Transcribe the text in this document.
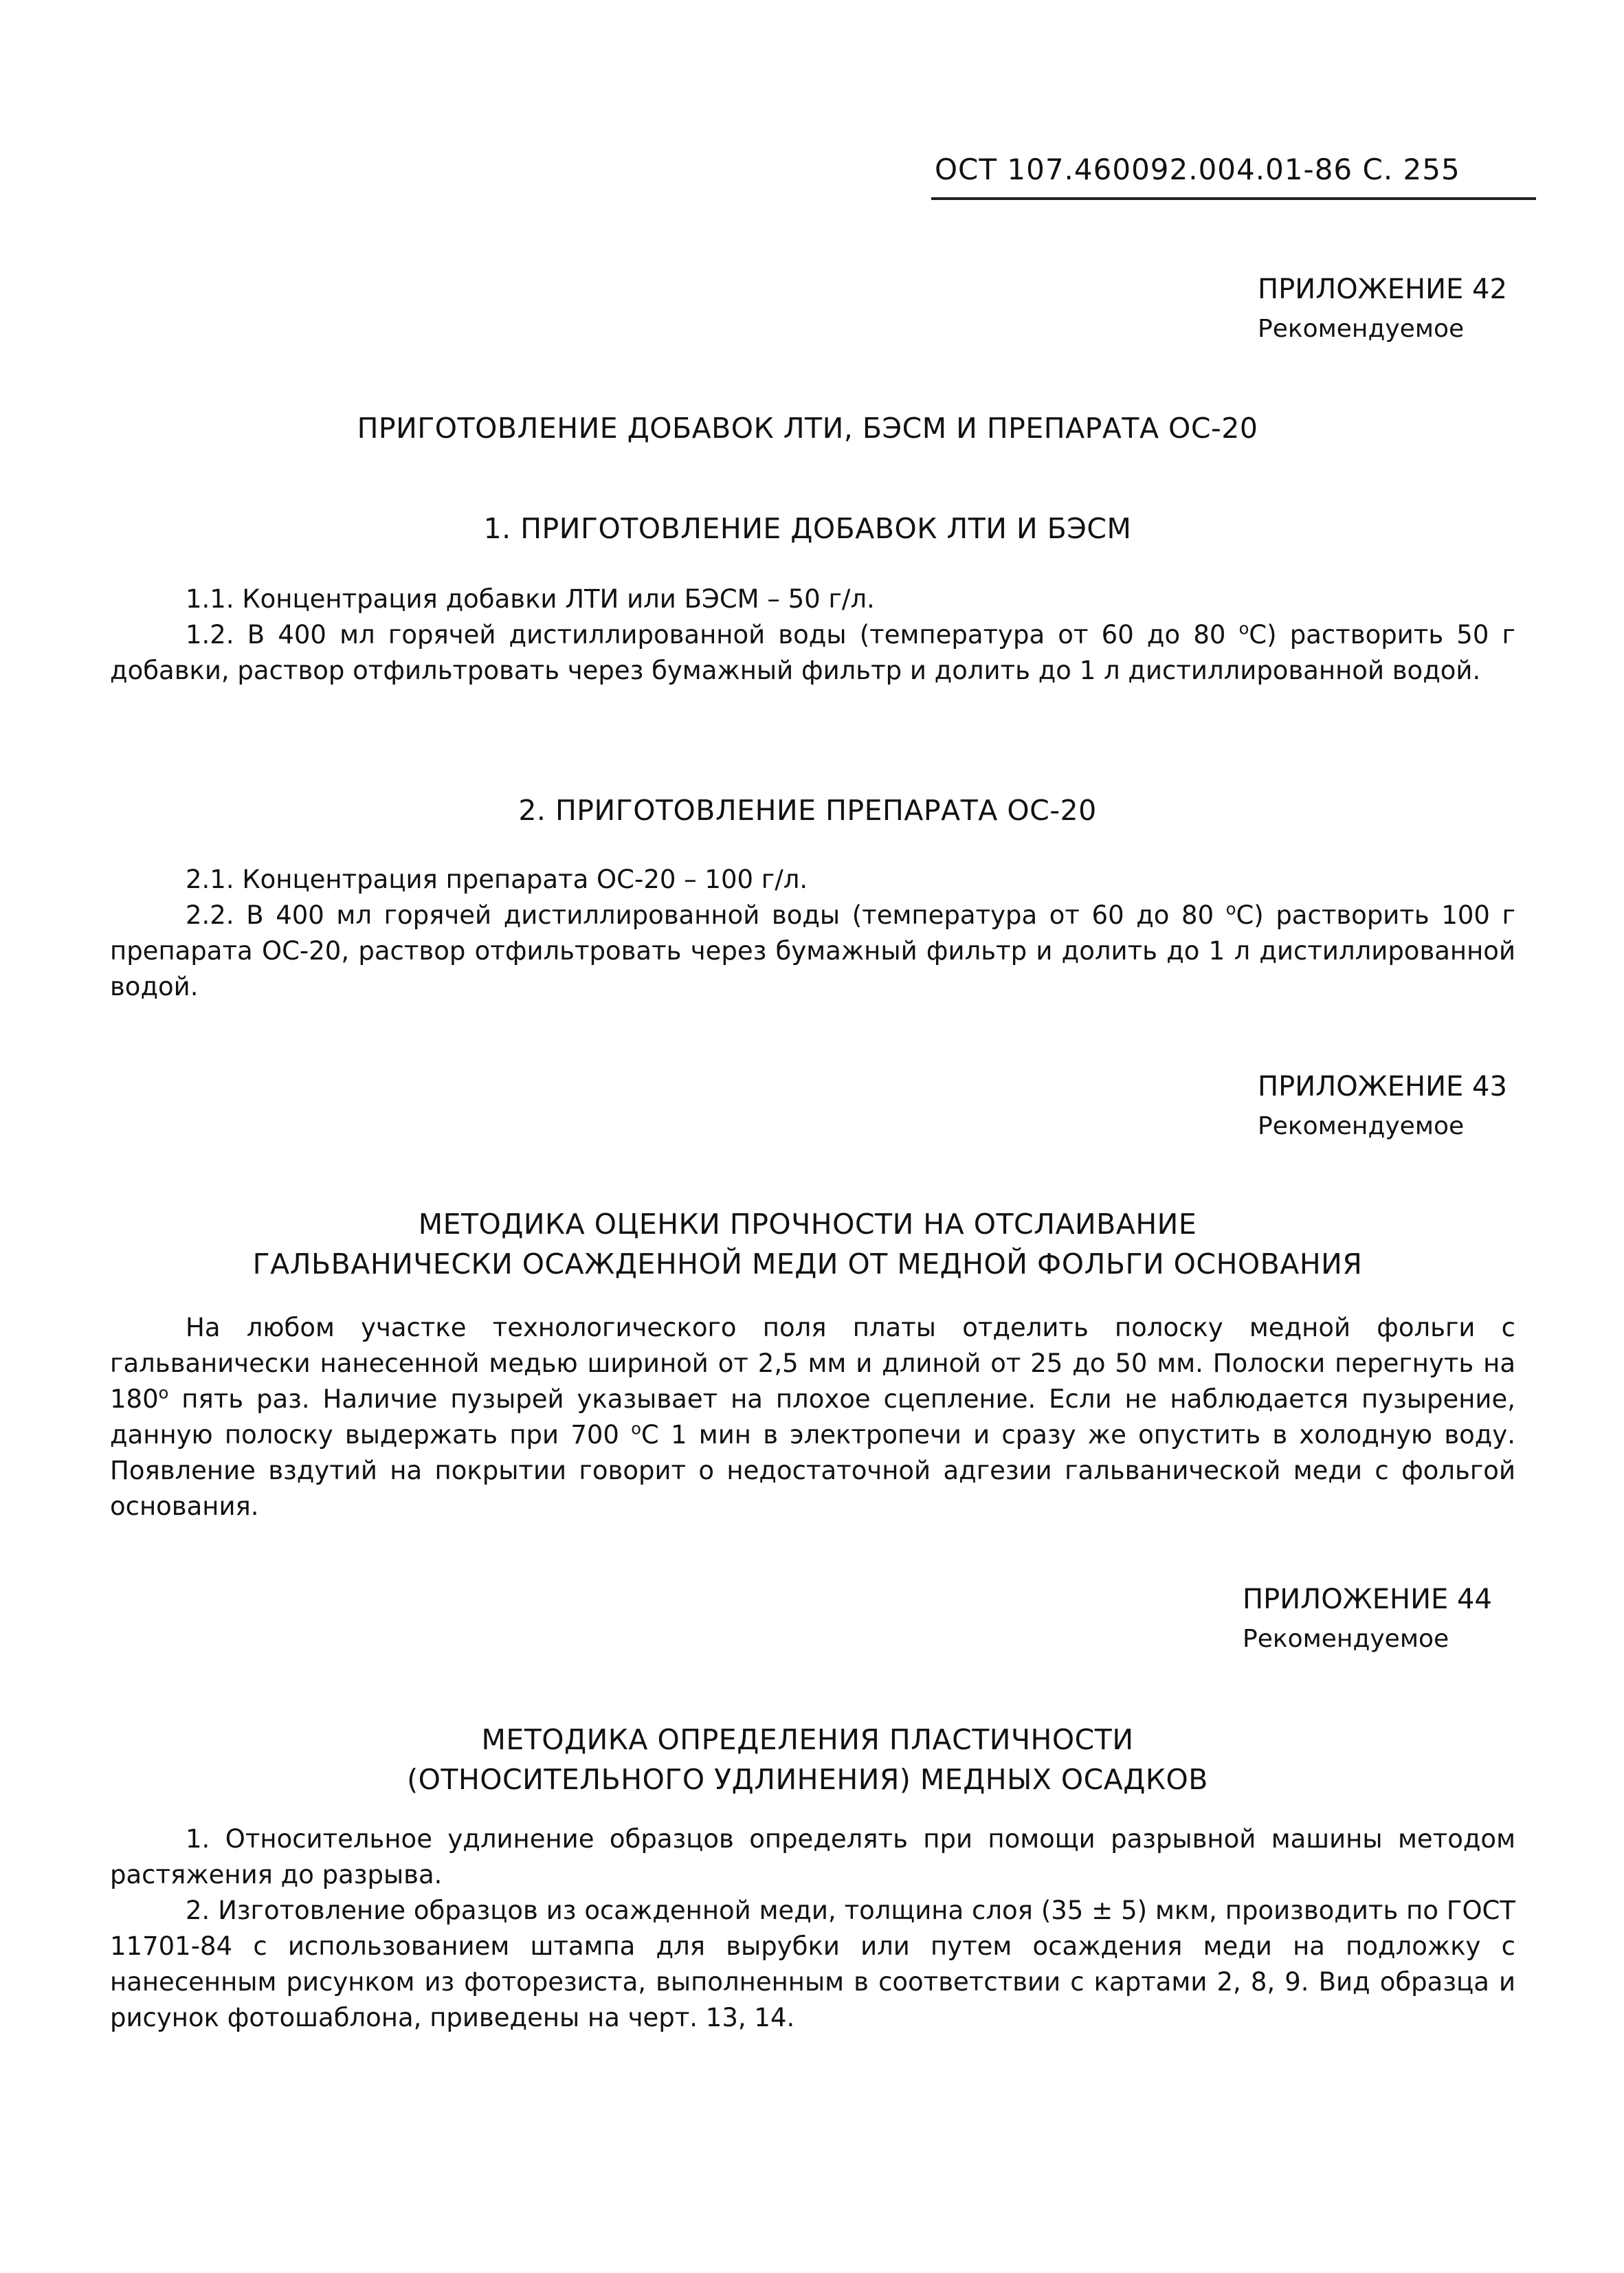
ОСТ 107.460092.004.01-86 С. 255
ПРИЛОЖЕНИЕ 42
Рекомендуемое
ПРИГОТОВЛЕНИЕ ДОБАВОК ЛТИ, БЭСМ И ПРЕПАРАТА ОС-20
1. ПРИГОТОВЛЕНИЕ ДОБАВОК ЛТИ И БЭСМ

1.1. Концентрация добавки ЛТИ или БЭСМ – 50 г/л.

1.2. В 400 мл горячей дистиллированной воды (температура от 60 до 80 $^о$С) растворить 50 г добавки, раствор отфильтровать через бумажный фильтр и долить до 1 л дистиллированной водой.

2. ПРИГОТОВЛЕНИЕ ПРЕПАРАТА ОС-20

2.1. Концентрация препарата ОС-20 – 100 г/л.

2.2. В 400 мл горячей дистиллированной воды (температура от 60 до 80 $^о$С) растворить 100 г препарата ОС-20, раствор отфильтровать через бумажный фильтр и долить до 1 л дистиллированной водой.

ПРИЛОЖЕНИЕ 43
Рекомендуемое
МЕТОДИКА ОЦЕНКИ ПРОЧНОСТИ НА ОТСЛАИВАНИЕ
ГАЛЬВАНИЧЕСКИ ОСАЖДЕННОЙ МЕДИ ОТ МЕДНОЙ ФОЛЬГИ ОСНОВАНИЯ

На любом участке технологического поля платы отделить полоску медной фольги с гальванически нанесенной медью шириной от 2,5 мм и длиной от 25 до 50 мм. Полоски перегнуть на $180^о$ пять раз. Наличие пузырей указывает на плохое сцепление. Если не наблюдается пузырение, данную полоску выдержать при 700 $^о$С 1 мин в электропечи и сразу же опустить в холодную воду. Появление вздутий на покрытии говорит о недостаточной адгезии гальванической меди с фольгой основания.

ПРИЛОЖЕНИЕ 44
Рекомендуемое
МЕТОДИКА ОПРЕДЕЛЕНИЯ ПЛАСТИЧНОСТИ
(ОТНОСИТЕЛЬНОГО УДЛИНЕНИЯ) МЕДНЫХ ОСАДКОВ

1. Относительное удлинение образцов определять при помощи разрывной машины методом растяжения до разрыва.

2. Изготовление образцов из осажденной меди, толщина слоя (35 ± 5) мкм, производить по ГОСТ 11701-84 с использованием штампа для вырубки или путем осаждения меди на подложку с нанесенным рисунком из фоторезиста, выполненным в соответствии с картами 2, 8, 9. Вид образца и рисунок фотошаблона, приведены на черт. 13, 14.
